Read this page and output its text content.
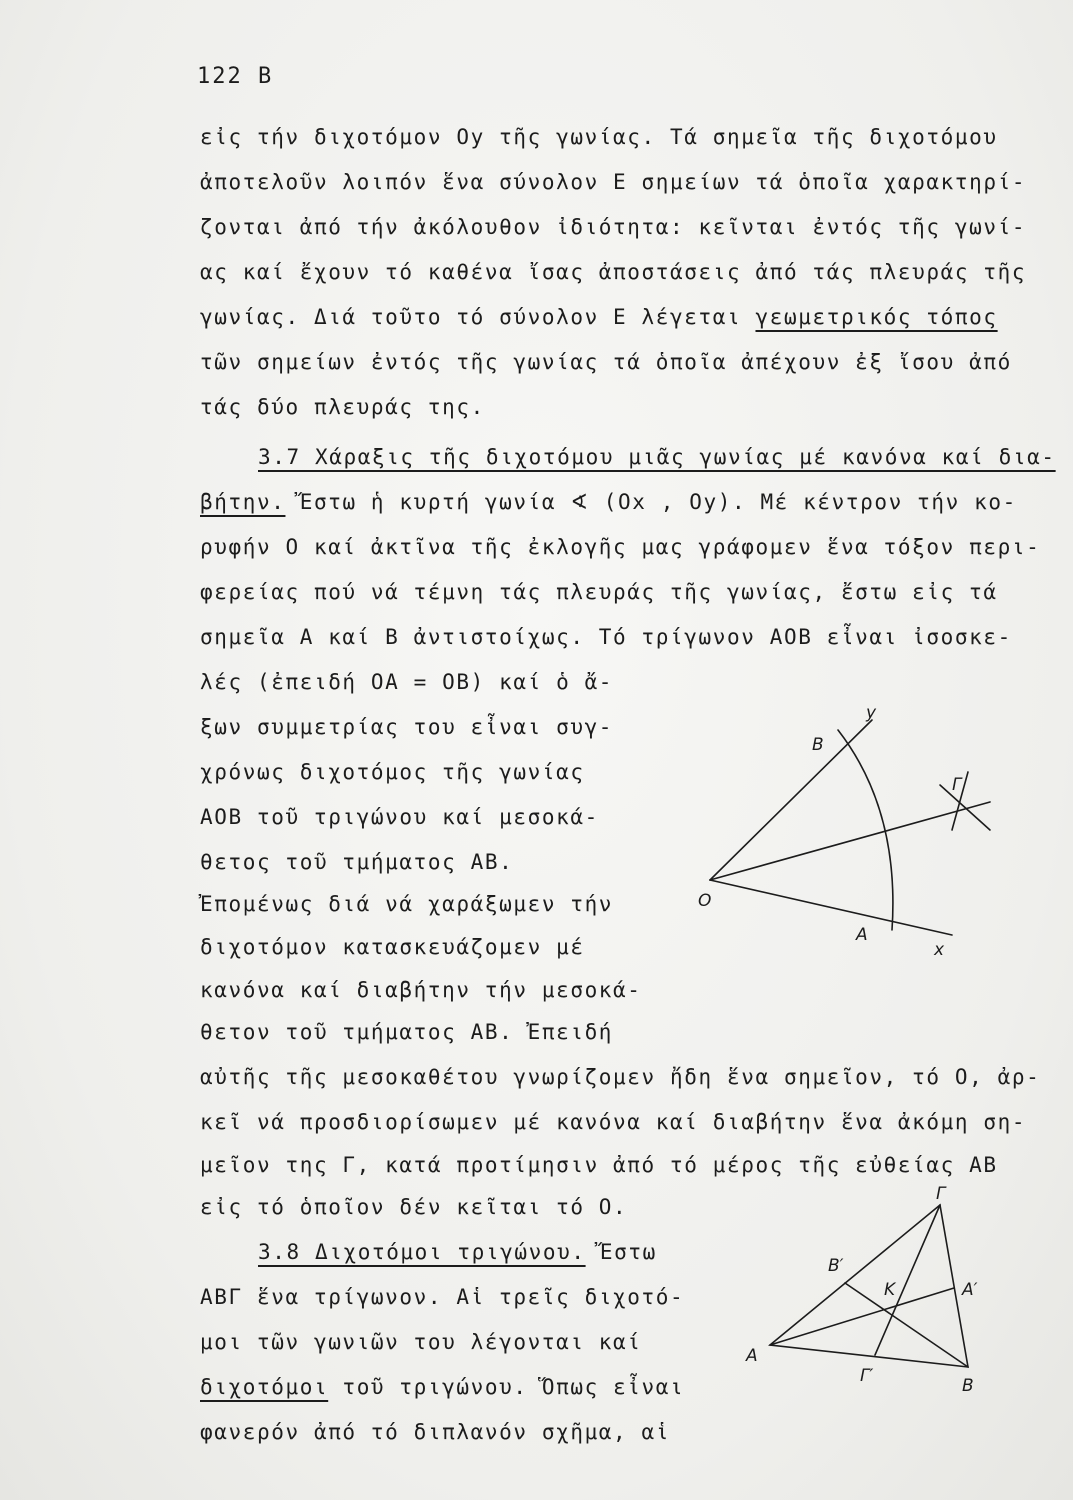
122 B
εἰς τήν διχοτόμον Oy τῆς γωνίας. Τά σημεῖα τῆς διχοτόμου
ἀποτελοῦν λοιπόν ἕνα σύνολον E σημείων τά ὁποῖα χαρακτηρί-
ζονται ἀπό τήν ἀκόλουθον ἰδιότητα: κεῖνται ἐντός τῆς γωνί-
ας καί ἔχουν τό καθένα ἴσας ἀποστάσεις ἀπό τάς πλευράς τῆς
γωνίας. Διά τοῦτο τό σύνολον E λέγεται γεωμετρικός τόπος
τῶν σημείων ἐντός τῆς γωνίας τά ὁποῖα ἀπέχουν ἐξ ἴσου ἀπό
τάς δύο πλευράς της.
3.7 Χάραξις τῆς διχοτόμου μιᾶς γωνίας μέ κανόνα καί δια-
βήτην. Ἔστω ἡ κυρτή γωνία ∢ (Ox , Oy). Μέ κέντρον τήν κο-
ρυφήν O καί ἀκτῖνα τῆς ἐκλογῆς μας γράφομεν ἕνα τόξον περι-
φερείας πού νά τέμνη τάς πλευράς τῆς γωνίας, ἔστω εἰς τά
σημεῖα A καί B ἀντιστοίχως. Τό τρίγωνον AOB εἶναι ἰσοσκε-
λές (ἐπειδή OA = OB) καί ὁ ἄ-
ξων συμμετρίας του εἶναι συγ-
χρόνως διχοτόμος τῆς γωνίας
AOB τοῦ τριγώνου καί μεσοκά-
θετος τοῦ τμήματος AB.
Ἐπομένως διά νά χαράξωμεν τήν
διχοτόμον κατασκευάζομεν μέ
κανόνα καί διαβήτην τήν μεσοκά-
θετον τοῦ τμήματος AB. Ἐπειδή
αὐτῆς τῆς μεσοκαθέτου γνωρίζομεν ἤδη ἕνα σημεῖον, τό O, ἀρ-
κεῖ νά προσδιορίσωμεν μέ κανόνα καί διαβήτην ἕνα ἀκόμη ση-
μεῖον της Γ, κατά προτίμησιν ἀπό τό μέρος τῆς εὐθείας AB
εἰς τό ὁποῖον δέν κεῖται τό O.
3.8 Διχοτόμοι τριγώνου. Ἔστω
ΑΒΓ ἕνα τρίγωνον. Αἱ τρεῖς διχοτό-
μοι τῶν γωνιῶν του λέγονται καί
διχοτόμοι τοῦ τριγώνου. Ὅπως εἶναι
φανερόν ἀπό τό διπλανόν σχῆμα, αἱ
y
B
Γ
O
A
x
Γ
B′
K	A′
A
Γ′	B
